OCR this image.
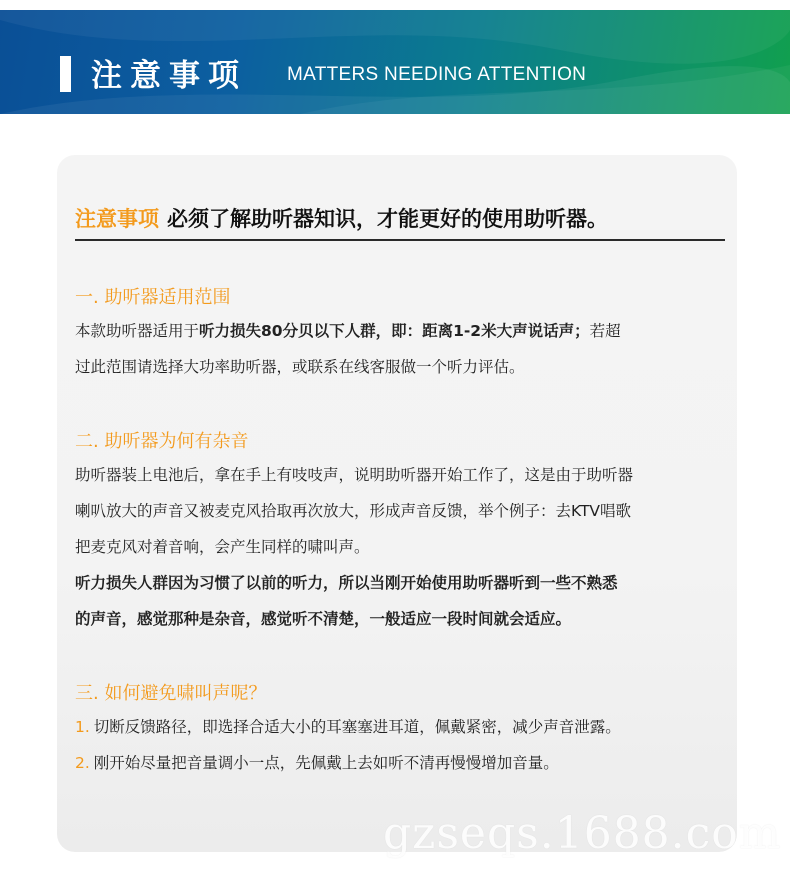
注意事项 MATTERS NEEDING ATTENTION
注意事项 必须了解助听器知识，才能更好的使用助听器。
一. 助听器适用范围
本款助听器适用于听力损失80分贝以下人群，即：距离1-2米大声说话声；若超
过此范围请选择大功率助听器，或联系在线客服做一个听力评估。
二. 助听器为何有杂音
助听器装上电池后，拿在手上有吱吱声，说明助听器开始工作了，这是由于助听器
喇叭放大的声音又被麦克风拾取再次放大，形成声音反馈，举个例子：去KTV唱歌
把麦克风对着音响，会产生同样的啸叫声。
听力损失人群因为习惯了以前的听力，所以当刚开始使用助听器听到一些不熟悉
的声音，感觉那种是杂音，感觉听不清楚，一般适应一段时间就会适应。
三. 如何避免啸叫声呢？
1. 切断反馈路径，即选择合适大小的耳塞塞进耳道，佩戴紧密，减少声音泄露。
2. 刚开始尽量把音量调小一点，先佩戴上去如听不清再慢慢增加音量。
gzseqs.1688.com
